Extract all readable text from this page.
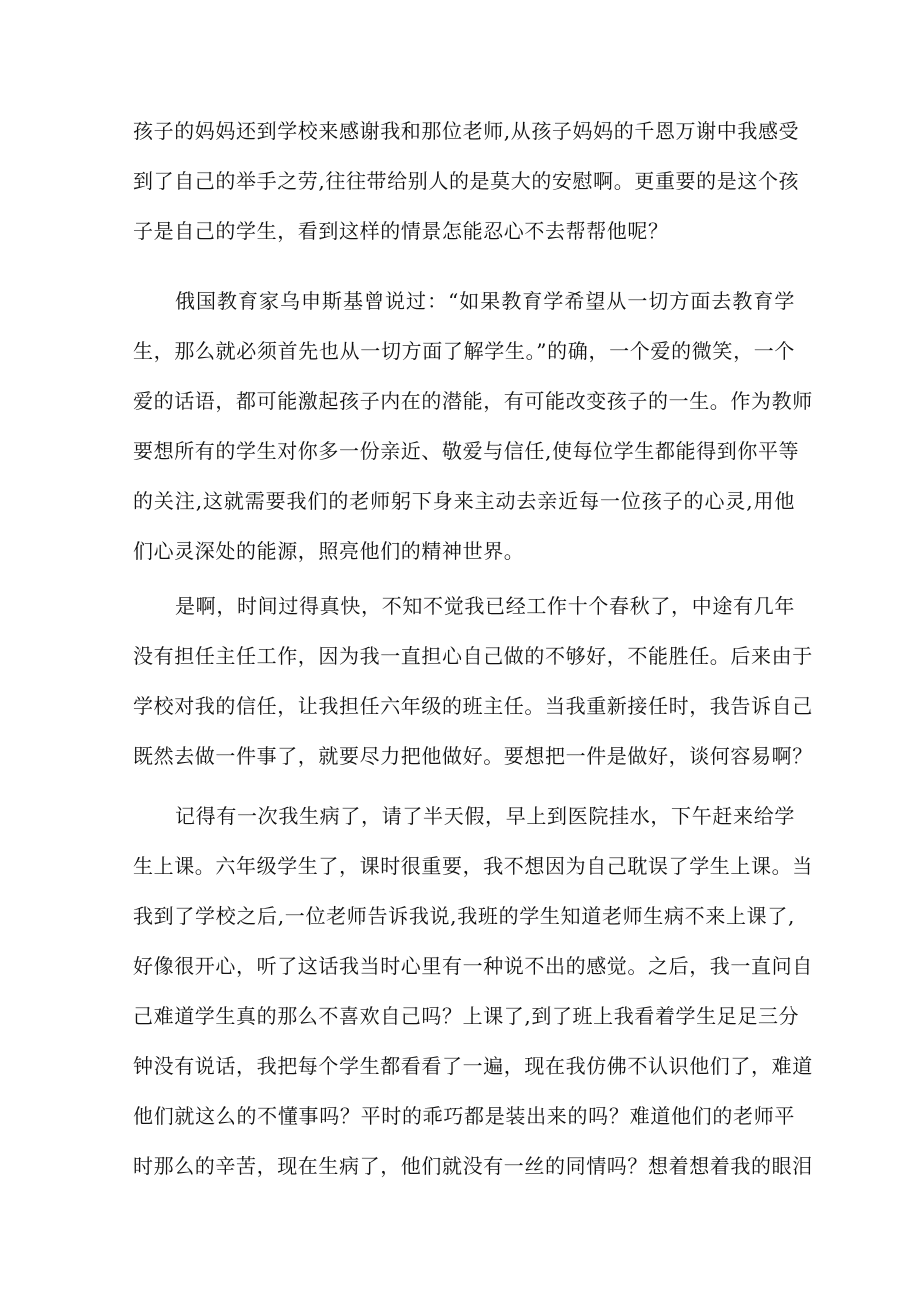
孩子的妈妈还到学校来感谢我和那位老师,从孩子妈妈的千恩万谢中我感受
到了自己的举手之劳,往往带给别人的是莫大的安慰啊。更重要的是这个孩
子是自己的学生，看到这样的情景怎能忍心不去帮帮他呢？
俄国教育家乌申斯基曾说过：“如果教育学希望从一切方面去教育学
生，那么就必须首先也从一切方面了解学生。”的确，一个爱的微笑，一个
爱的话语，都可能激起孩子内在的潜能，有可能改变孩子的一生。作为教师
要想所有的学生对你多一份亲近、敬爱与信任,使每位学生都能得到你平等
的关注,这就需要我们的老师躬下身来主动去亲近每一位孩子的心灵,用他
们心灵深处的能源，照亮他们的精神世界。
是啊，时间过得真快，不知不觉我已经工作十个春秋了，中途有几年
没有担任主任工作，因为我一直担心自己做的不够好，不能胜任。后来由于
学校对我的信任，让我担任六年级的班主任。当我重新接任时，我告诉自己
既然去做一件事了，就要尽力把他做好。要想把一件是做好，谈何容易啊？
记得有一次我生病了，请了半天假，早上到医院挂水，下午赶来给学
生上课。六年级学生了，课时很重要，我不想因为自己耽误了学生上课。当
我到了学校之后,一位老师告诉我说,我班的学生知道老师生病不来上课了,
好像很开心，听了这话我当时心里有一种说不出的感觉。之后，我一直问自
己难道学生真的那么不喜欢自己吗？上课了,到了班上我看着学生足足三分
钟没有说话，我把每个学生都看看了一遍，现在我仿佛不认识他们了，难道
他们就这么的不懂事吗？平时的乖巧都是装出来的吗？难道他们的老师平
时那么的辛苦，现在生病了，他们就没有一丝的同情吗？想着想着我的眼泪
